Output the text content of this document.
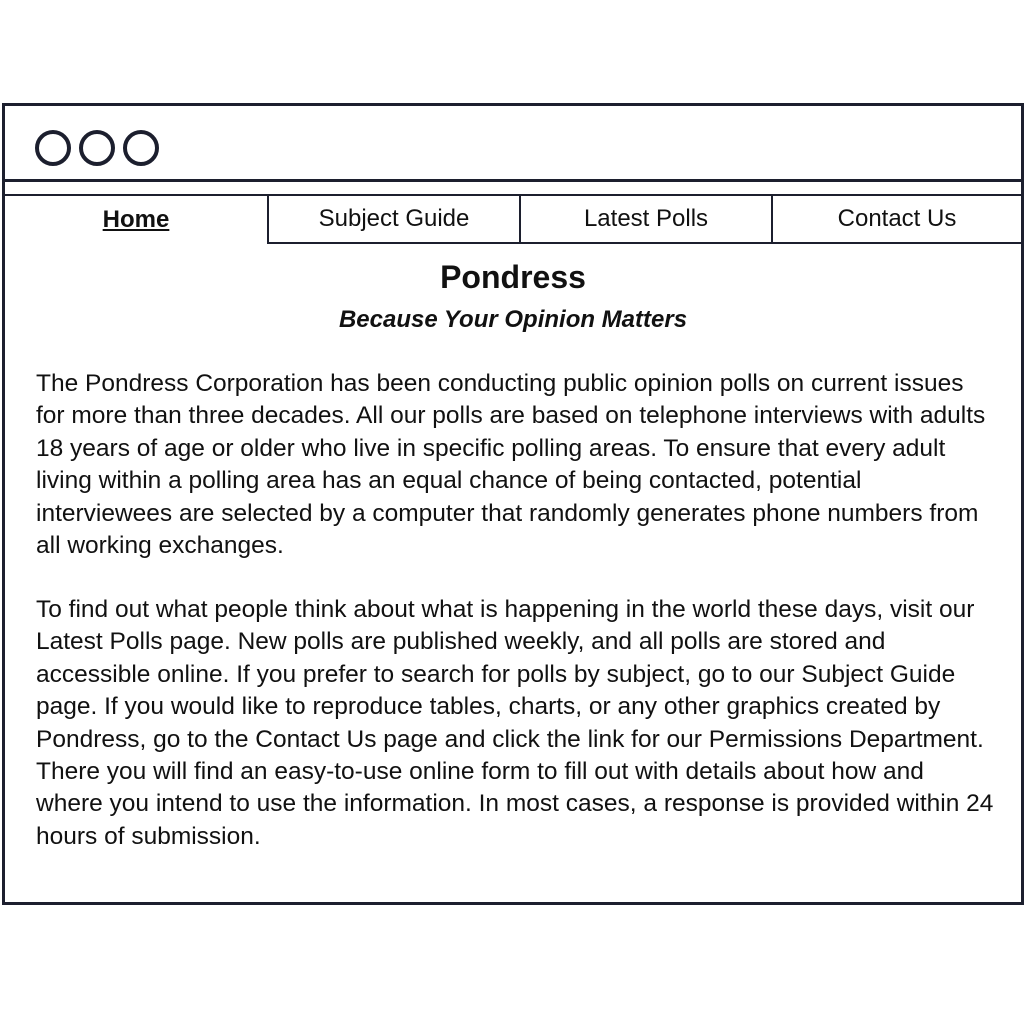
Home	Subject Guide	Latest Polls	Contact Us
Pondress
Because Your Opinion Matters

The Pondress Corporation has been conducting public opinion polls on current issues for more than three decades. All our polls are based on telephone interviews with adults 18 years of age or older who live in specific polling areas. To ensure that every adult living within a polling area has an equal chance of being contacted, potential interviewees are selected by a computer that randomly generates phone numbers from all working exchanges.

To find out what people think about what is happening in the world these days, visit our Latest Polls page. New polls are published weekly, and all polls are stored and accessible online. If you prefer to search for polls by subject, go to our Subject Guide page. If you would like to reproduce tables, charts, or any other graphics created by Pondress, go to the Contact Us page and click the link for our Permissions Department. There you will find an easy-to-use online form to fill out with details about how and where you intend to use the information. In most cases, a response is provided within 24 hours of submission.
